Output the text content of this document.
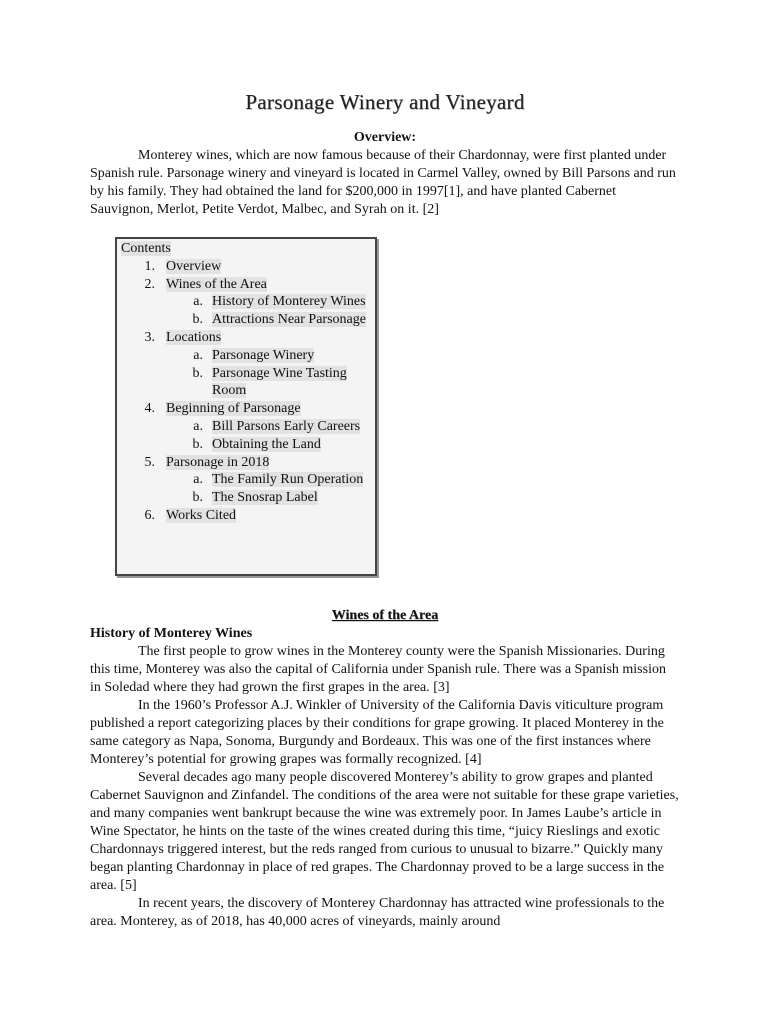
Parsonage Winery and Vineyard
Overview:

Monterey wines, which are now famous because of their Chardonnay, were first planted under Spanish rule. Parsonage winery and vineyard is located in Carmel Valley, owned by Bill Parsons and run by his family. They had obtained the land for $200,000 in 1997[1], and have planted Cabernet Sauvignon, Merlot, Petite Verdot, Malbec, and Syrah on it. [2]

Contents
1. Overview
2. Wines of the Area
a. History of Monterey Wines
b. Attractions Near Parsonage
3. Locations
a. Parsonage Winery
b. Parsonage Wine Tasting Room
4. Beginning of Parsonage
a. Bill Parsons Early Careers
b. Obtaining the Land
5. Parsonage in 2018
a. The Family Run Operation
b. The Snosrap Label
6. Works Cited
Wines of the Area

History of Monterey Wines

The first people to grow wines in the Monterey county were the Spanish Missionaries. During this time, Monterey was also the capital of California under Spanish rule. There was a Spanish mission in Soledad where they had grown the first grapes in the area. [3]

In the 1960’s Professor A.J. Winkler of University of the California Davis viticulture program published a report categorizing places by their conditions for grape growing. It placed Monterey in the same category as Napa, Sonoma, Burgundy and Bordeaux. This was one of the first instances where Monterey’s potential for growing grapes was formally recognized. [4]

Several decades ago many people discovered Monterey’s ability to grow grapes and planted Cabernet Sauvignon and Zinfandel. The conditions of the area were not suitable for these grape varieties, and many companies went bankrupt because the wine was extremely poor. In James Laube’s article in Wine Spectator, he hints on the taste of the wines created during this time, “juicy Rieslings and exotic Chardonnays triggered interest, but the reds ranged from curious to unusual to bizarre.” Quickly many began planting Chardonnay in place of red grapes. The Chardonnay proved to be a large success in the area. [5]

In recent years, the discovery of Monterey Chardonnay has attracted wine professionals to the area. Monterey, as of 2018, has 40,000 acres of vineyards, mainly around
